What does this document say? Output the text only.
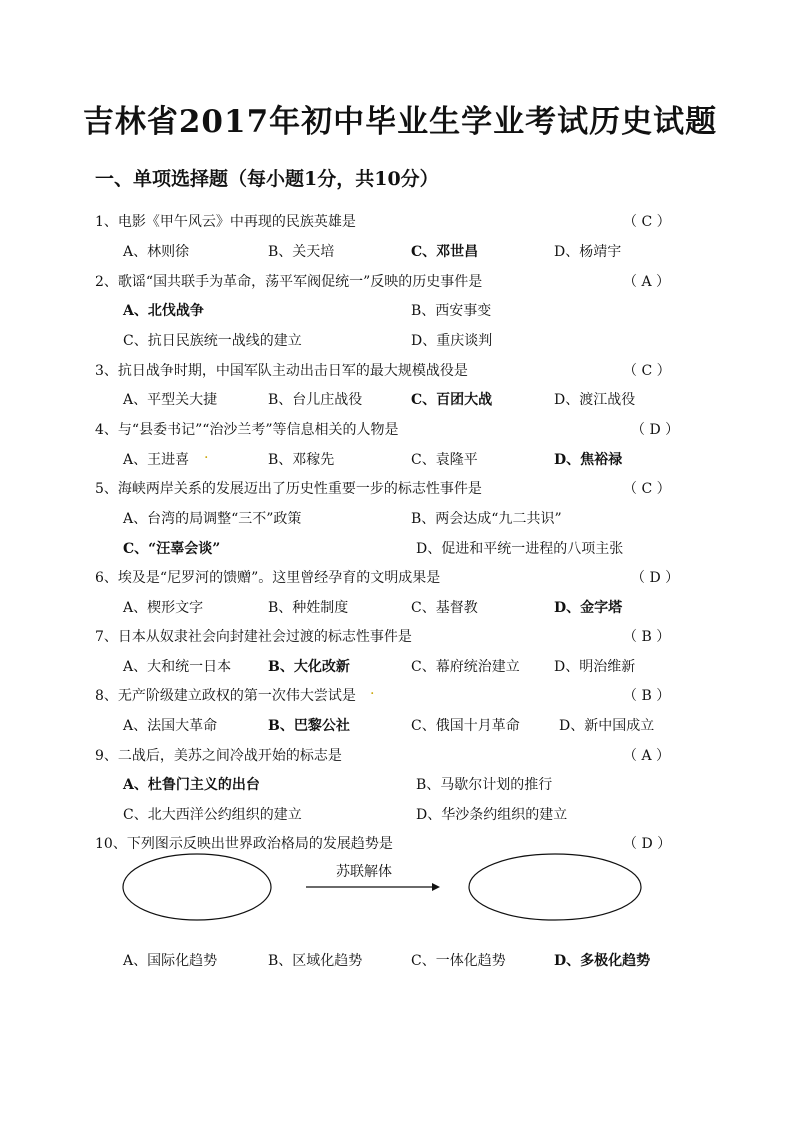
吉林省2017年初中毕业生学业考试历史试题
一、单项选择题（每小题1分，共10分）
1、电影《甲午风云》中再现的民族英雄是	（ C ）
A、林则徐	B、关天培	C、邓世昌	D、杨靖宇
2、歌谣“国共联手为革命，荡平军阀促统一”反映的历史事件是	（ A ）
A、北伐战争	B、西安事变
C、抗日民族统一战线的建立	D、重庆谈判
3、抗日战争时期，中国军队主动出击日军的最大规模战役是	（ C ）
A、平型关大捷	B、台儿庄战役	C、百团大战	D、渡江战役
4、与“县委书记”“治沙兰考”等信息相关的人物是	（ D ）
A、王进喜 .	B、邓稼先	C、袁隆平	D、焦裕禄
5、海峡两岸关系的发展迈出了历史性重要一步的标志性事件是	（ C ）
A、台湾的局调整“三不”政策	B、两会达成“九二共识”
C、“汪辜会谈”	D、促进和平统一进程的八项主张
6、埃及是“尼罗河的馈赠”。这里曾经孕育的文明成果是	（ D ）
A、楔形文字	B、种姓制度	C、基督教	D、金字塔
7、日本从奴隶社会向封建社会过渡的标志性事件是	（ B ）
A、大和统一日本	B、大化改新	C、幕府统治建立 D、明治维新
8、无产阶级建立政权的第一次伟大尝试是 .	（ B ）
A、法国大革命	B、巴黎公社	C、俄国十月革命	D、新中国成立
9、二战后，美苏之间冷战开始的标志是	（ A ）
A、杜鲁门主义的出台	B、马歇尔计划的推行
C、北大西洋公约组织的建立	D、华沙条约组织的建立
10、下列图示反映出世界政治格局的发展趋势是	（ D ）
苏联解体
A、国际化趋势	B、区域化趋势	C、一体化趋势	D、多极化趋势
